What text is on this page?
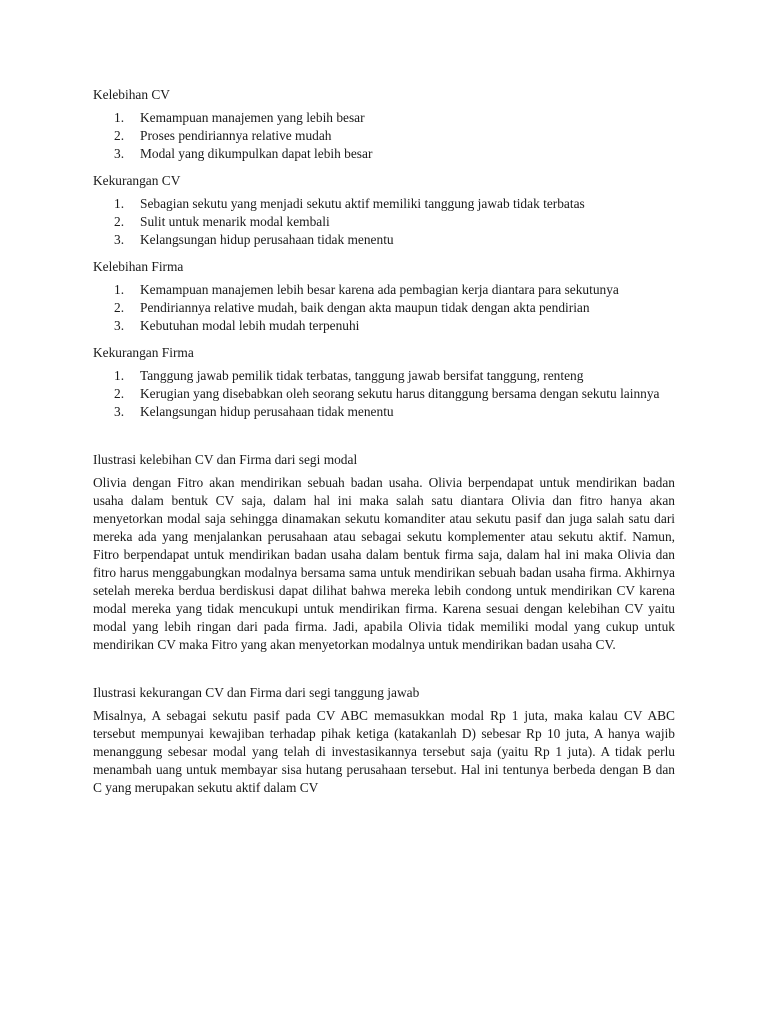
Kelebihan CV
Kemampuan manajemen yang lebih besar
Proses pendiriannya relative mudah
Modal yang dikumpulkan dapat lebih besar
Kekurangan CV
Sebagian sekutu yang menjadi sekutu aktif memiliki tanggung jawab tidak terbatas
Sulit untuk menarik modal kembali
Kelangsungan hidup perusahaan tidak menentu
Kelebihan Firma
Kemampuan manajemen lebih besar karena ada pembagian kerja diantara para sekutunya
Pendiriannya relative mudah, baik dengan akta maupun tidak dengan akta pendirian
Kebutuhan modal lebih mudah terpenuhi
Kekurangan Firma
Tanggung jawab pemilik tidak terbatas, tanggung jawab bersifat tanggung, renteng
Kerugian yang disebabkan oleh seorang sekutu harus ditanggung bersama dengan sekutu lainnya
Kelangsungan hidup perusahaan tidak menentu
Ilustrasi kelebihan CV dan Firma dari segi modal

Olivia dengan Fitro akan mendirikan sebuah badan usaha. Olivia berpendapat untuk mendirikan badan usaha dalam bentuk CV saja, dalam hal ini maka salah satu diantara Olivia dan fitro hanya akan menyetorkan modal saja sehingga dinamakan sekutu komanditer atau sekutu pasif dan juga salah satu dari mereka ada yang menjalankan perusahaan atau sebagai sekutu komplementer atau sekutu aktif. Namun, Fitro berpendapat untuk mendirikan badan usaha dalam bentuk firma saja, dalam hal ini maka Olivia dan fitro harus menggabungkan modalnya bersama sama untuk mendirikan sebuah badan usaha firma. Akhirnya setelah mereka berdua berdiskusi dapat dilihat bahwa mereka lebih condong untuk mendirikan CV karena modal mereka yang tidak mencukupi untuk mendirikan firma. Karena sesuai dengan kelebihan CV yaitu modal yang lebih ringan dari pada firma. Jadi, apabila Olivia tidak memiliki modal yang cukup untuk mendirikan CV maka Fitro yang akan menyetorkan modalnya untuk mendirikan badan usaha CV.

Ilustrasi kekurangan CV dan Firma dari segi tanggung jawab

Misalnya, A sebagai sekutu pasif pada CV ABC memasukkan modal Rp 1 juta, maka kalau CV ABC tersebut mempunyai kewajiban terhadap pihak ketiga (katakanlah D) sebesar Rp 10 juta, A hanya wajib menanggung sebesar modal yang telah di investasikannya tersebut saja (yaitu Rp 1 juta). A tidak perlu menambah uang untuk membayar sisa hutang perusahaan tersebut. Hal ini tentunya berbeda dengan B dan C yang merupakan sekutu aktif dalam CV
